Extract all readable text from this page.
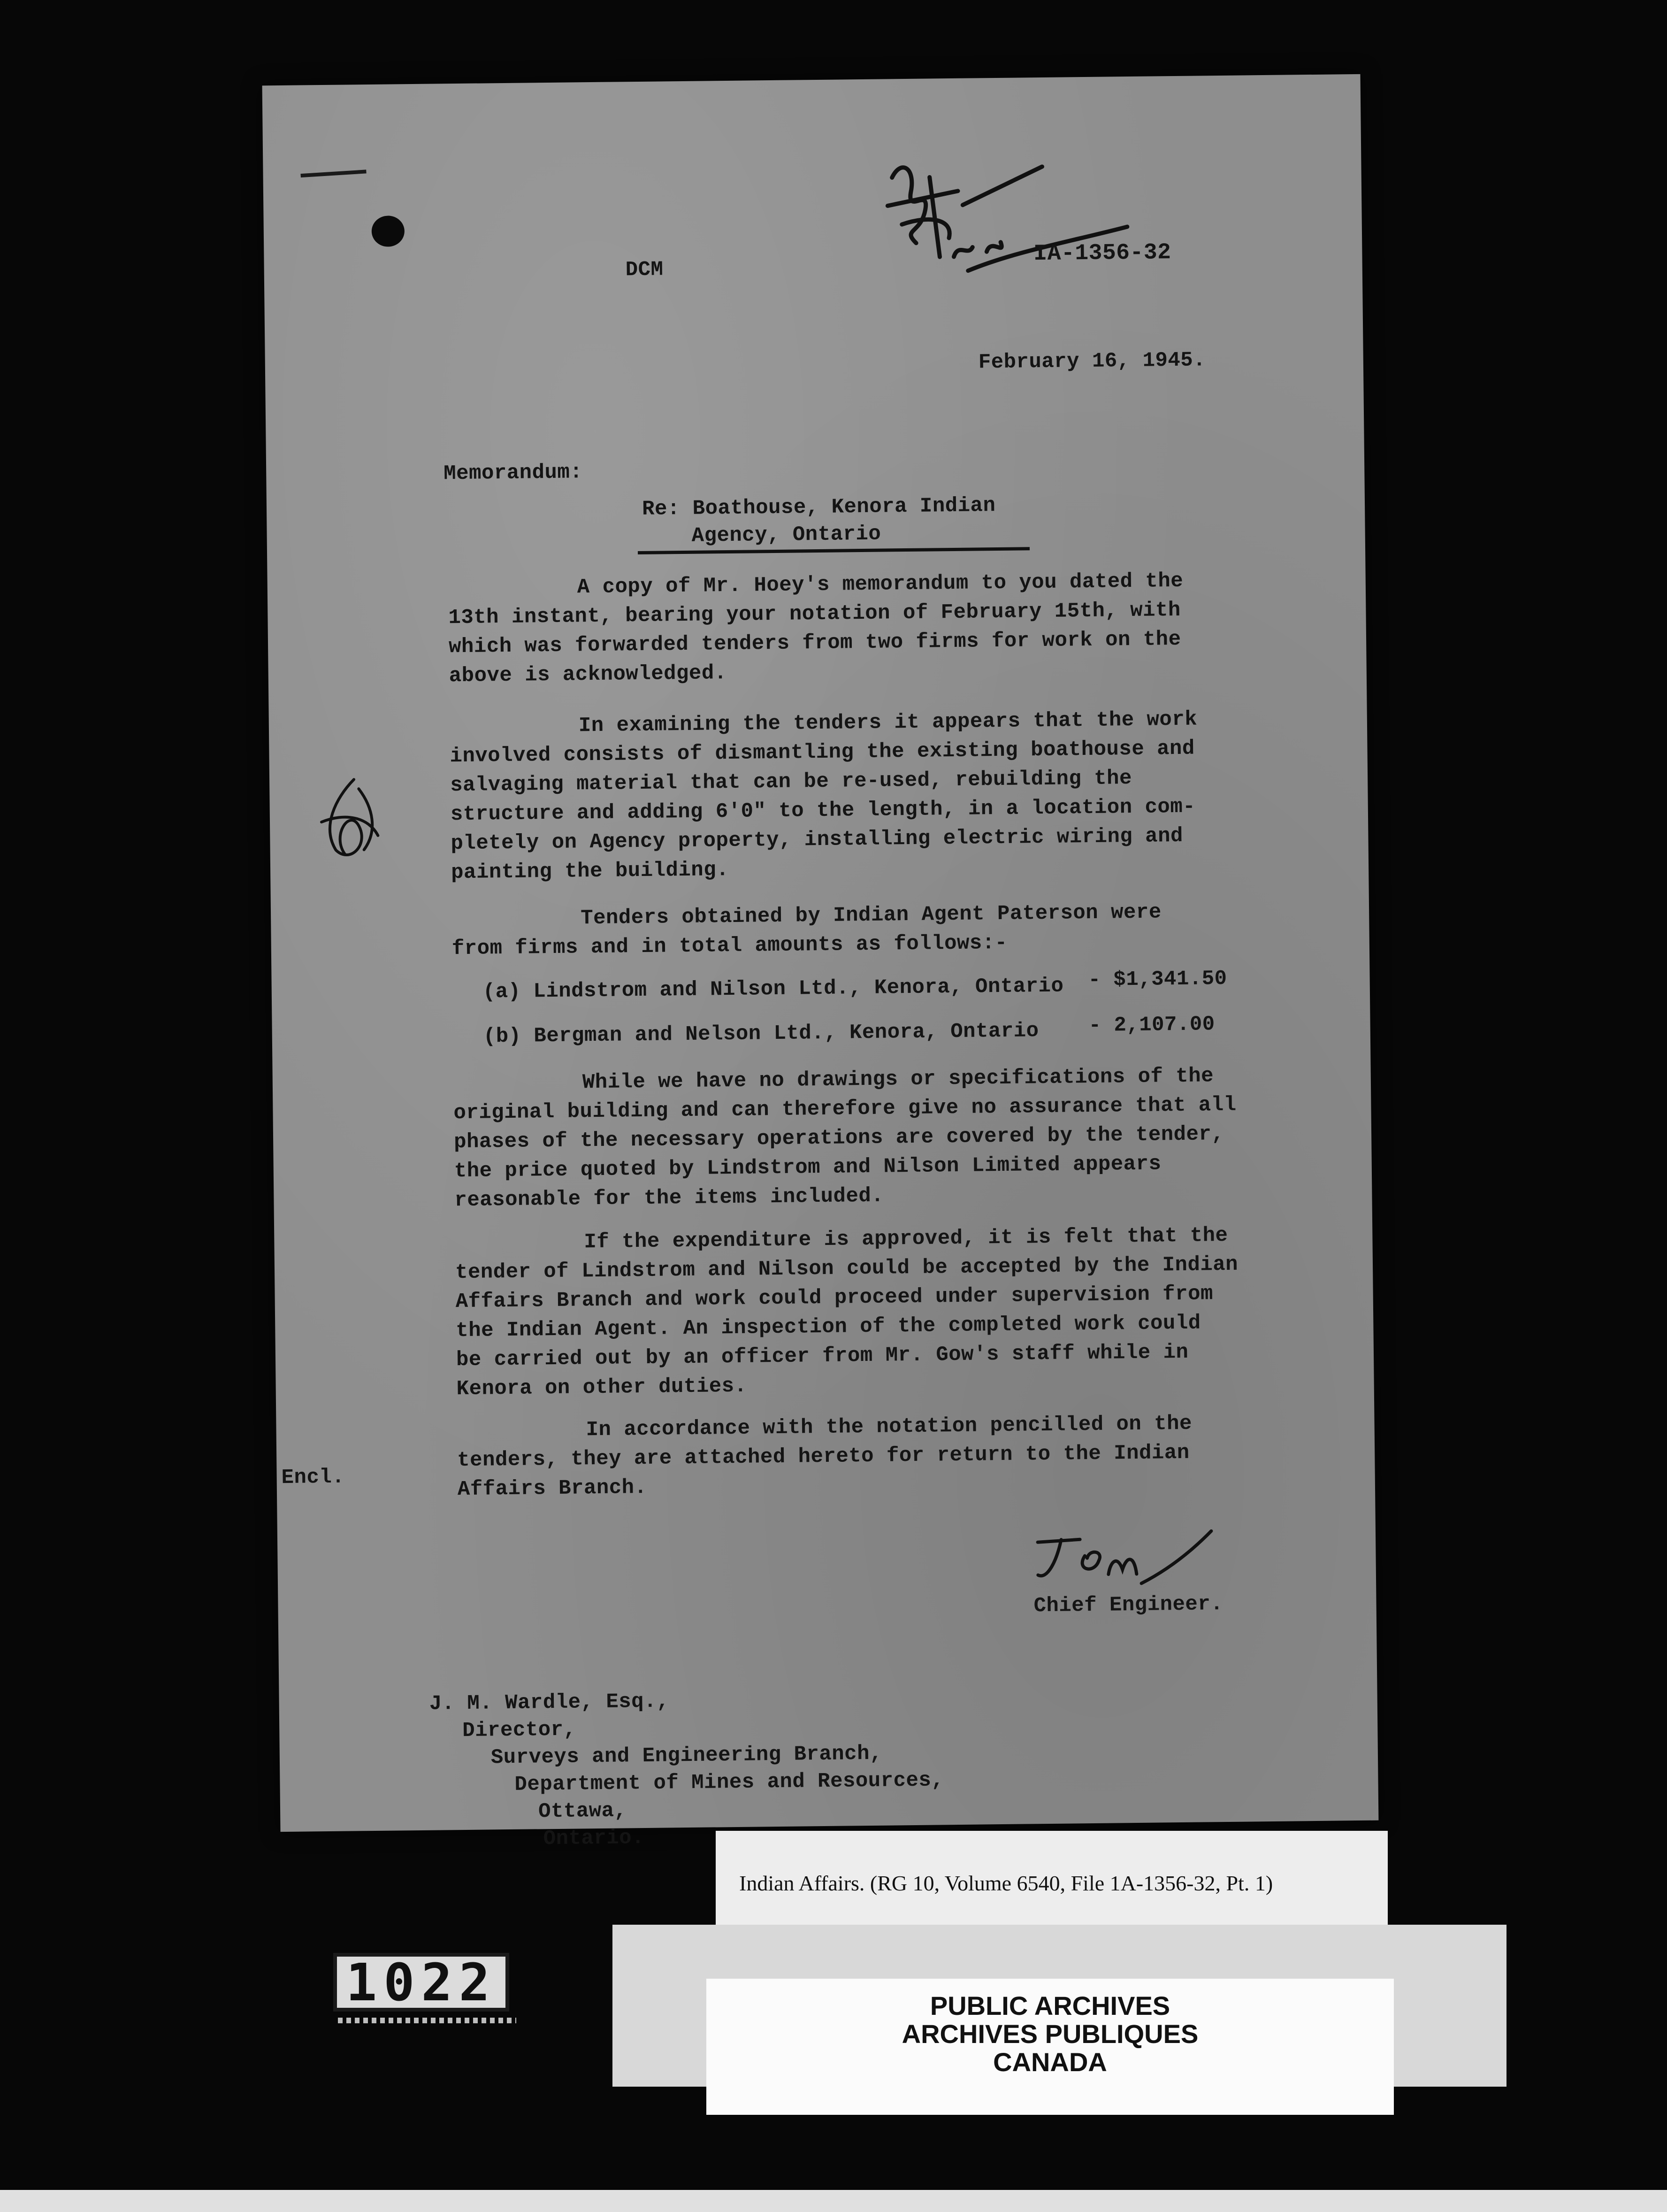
DCM
IA-1356-32
February 16, 1945.
Memorandum:
Re: Boathouse, Kenora Indian
Agency, Ontario
A copy of Mr. Hoey's memorandum to you dated the
13th instant, bearing your notation of February 15th, with
which was forwarded tenders from two firms for work on the
above is acknowledged.
In examining the tenders it appears that the work
involved consists of dismantling the existing boathouse and
salvaging material that can be re-used, rebuilding the
structure and adding 6'0" to the length, in a location com-
pletely on Agency property, installing electric wiring and
painting the building.
Tenders obtained by Indian Agent Paterson were
from firms and in total amounts as follows:-
(a) Lindstrom and Nilson Ltd., Kenora, Ontario - $1,341.50
(b) Bergman and Nelson Ltd., Kenora, Ontario - 2,107.00
While we have no drawings or specifications of the
original building and can therefore give no assurance that all
phases of the necessary operations are covered by the tender,
the price quoted by Lindstrom and Nilson Limited appears
reasonable for the items included.
If the expenditure is approved, it is felt that the
tender of Lindstrom and Nilson could be accepted by the Indian
Affairs Branch and work could proceed under supervision from
the Indian Agent. An inspection of the completed work could
be carried out by an officer from Mr. Gow's staff while in
Kenora on other duties.
In accordance with the notation pencilled on the
tenders, they are attached hereto for return to the Indian
Affairs Branch.
Encl.
Chief Engineer.
J. M. Wardle, Esq.,
Director,
Surveys and Engineering Branch,
Department of Mines and Resources,
Ottawa,
Ontario.
Indian Affairs. (RG 10, Volume 6540, File 1A-1356-32, Pt. 1)
PUBLIC ARCHIVES
ARCHIVES PUBLIQUES
CANADA
1022
